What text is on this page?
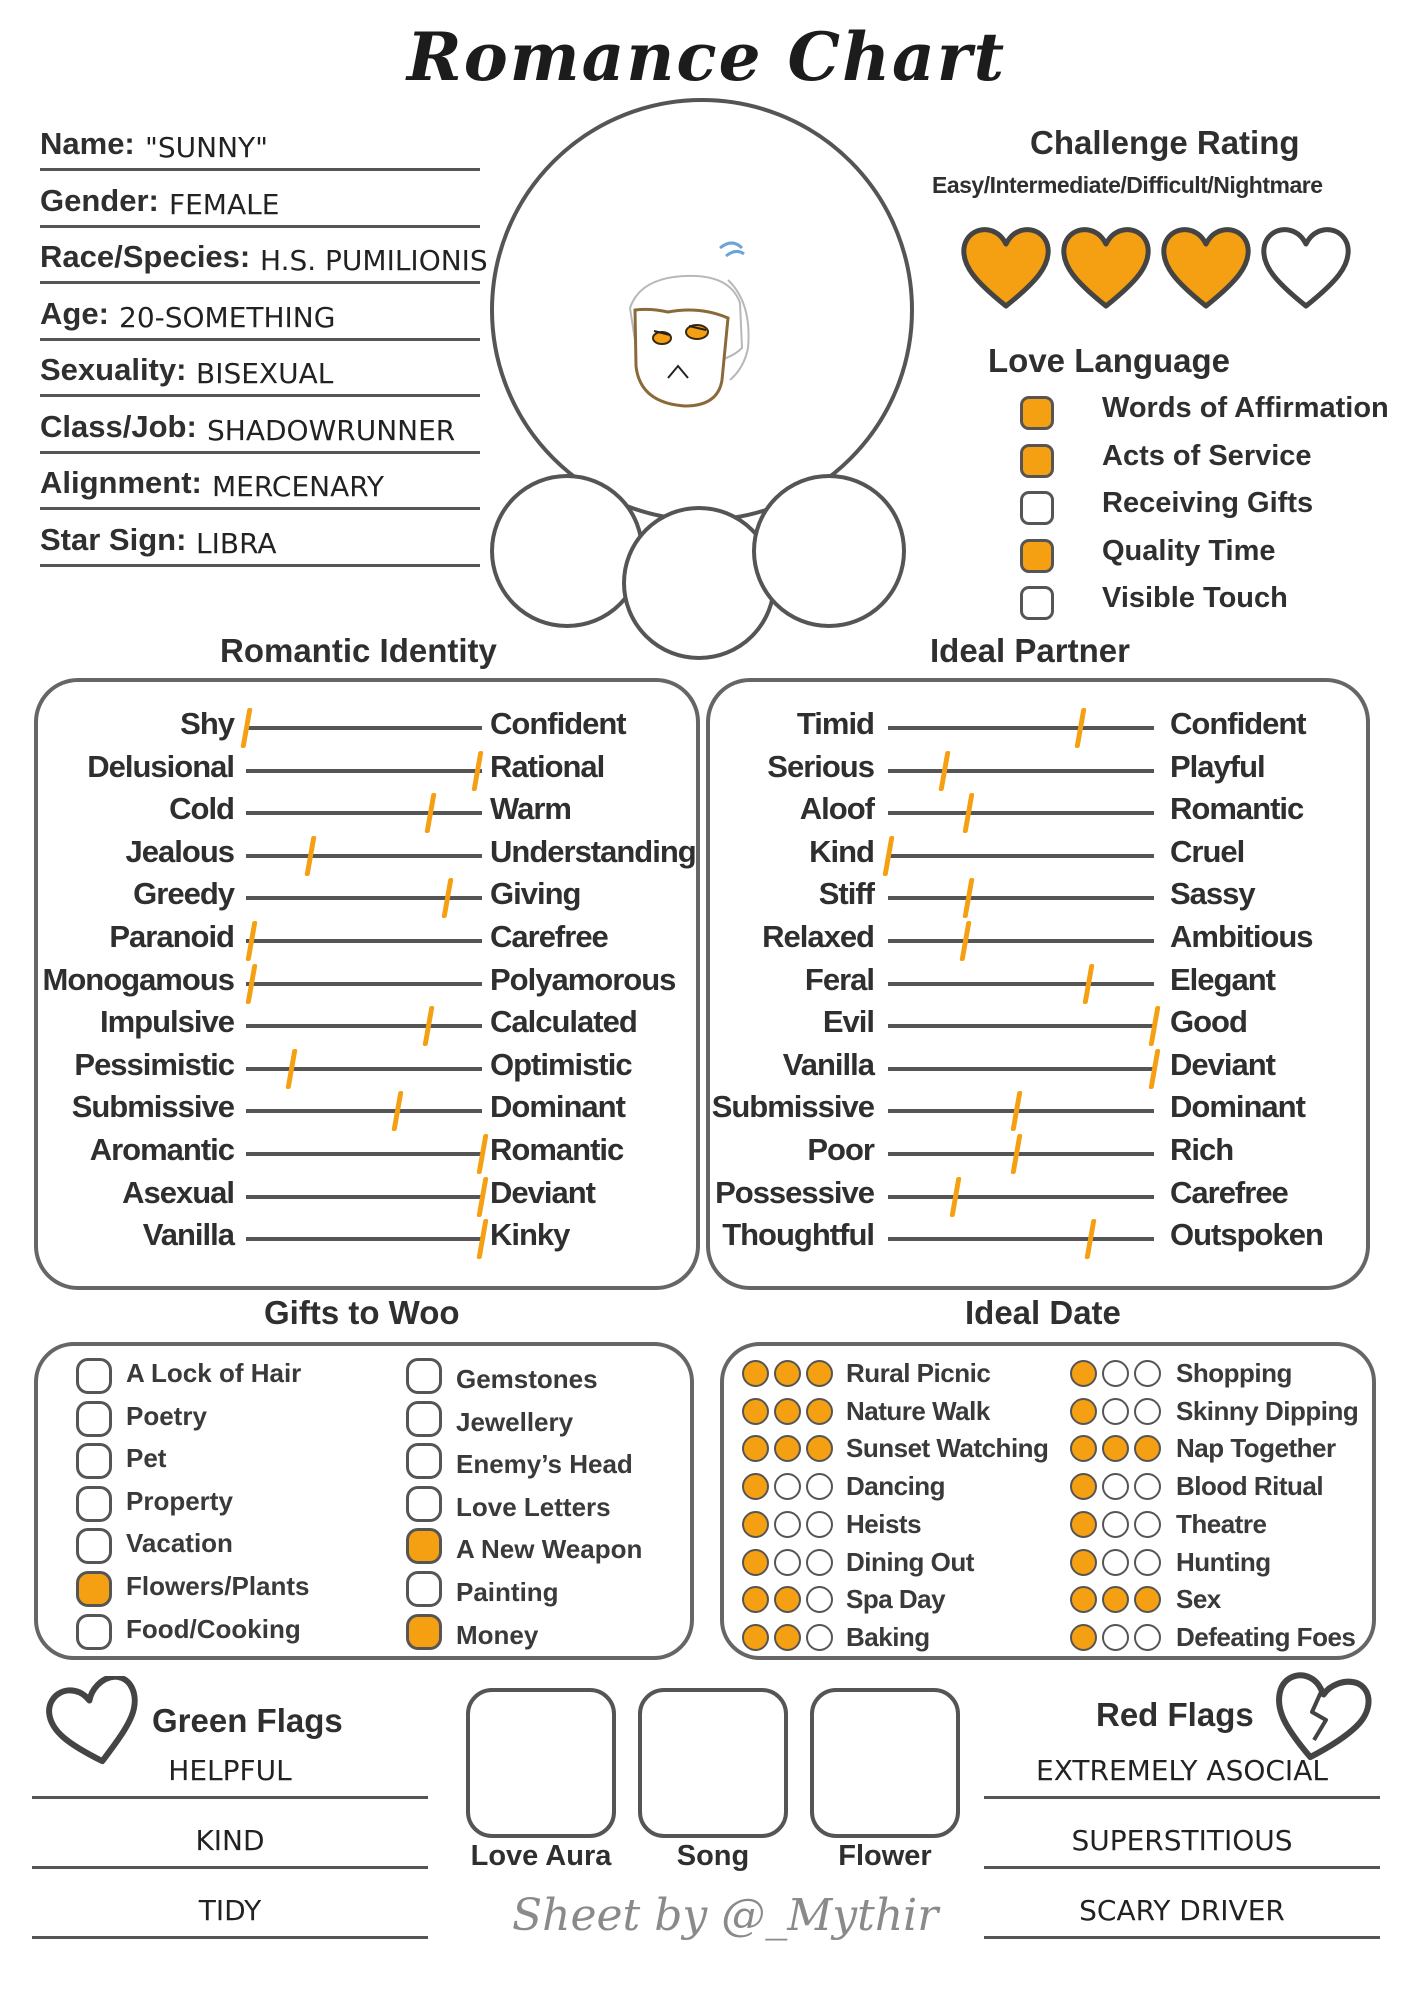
Romance Chart
Name: "SUNNY"
Gender: FEMALE
Race/Species: H.S. PUMILIONIS
Age: 20-SOMETHING
Sexuality: BISEXUAL
Class/Job: SHADOWRUNNER
Alignment: MERCENARY
Star Sign: LIBRA
Challenge Rating
Easy/Intermediate/Difficult/Nightmare
Love Language
Words of Affirmation
Acts of Service
Receiving Gifts
Quality Time
Visible Touch
Romantic Identity	Ideal Partner
Shy	Confident
Delusional	Rational
Cold	Warm
Jealous	Understanding
Greedy	Giving
Paranoid	Carefree
Monogamous	Polyamorous
Impulsive	Calculated
Pessimistic	Optimistic
Submissive	Dominant
Aromantic	Romantic
Asexual	Deviant
Vanilla	Kinky
Timid	Confident
Serious	Playful
Aloof	Romantic
Kind	Cruel
Stiff	Sassy
Relaxed	Ambitious
Feral	Elegant
Evil	Good
Vanilla	Deviant
Submissive	Dominant
Poor	Rich
Possessive	Carefree
Thoughtful	Outspoken
Gifts to Woo	Ideal Date
A Lock of Hair
Poetry
Pet
Property
Vacation
Flowers/Plants
Food/Cooking
Gemstones
Jewellery
Enemy’s Head
Love Letters
A New Weapon
Painting
Money
Rural Picnic
Nature Walk
Sunset Watching
Dancing
Heists
Dining Out
Spa Day
Baking
Shopping
Skinny Dipping
Nap Together
Blood Ritual
Theatre
Hunting
Sex
Defeating Foes
Green Flags
HELPFUL
KIND
TIDY
Red Flags
EXTREMELY ASOCIAL
SUPERSTITIOUS
SCARY DRIVER
Love Aura	Song	Flower
Sheet by @_Mythir
